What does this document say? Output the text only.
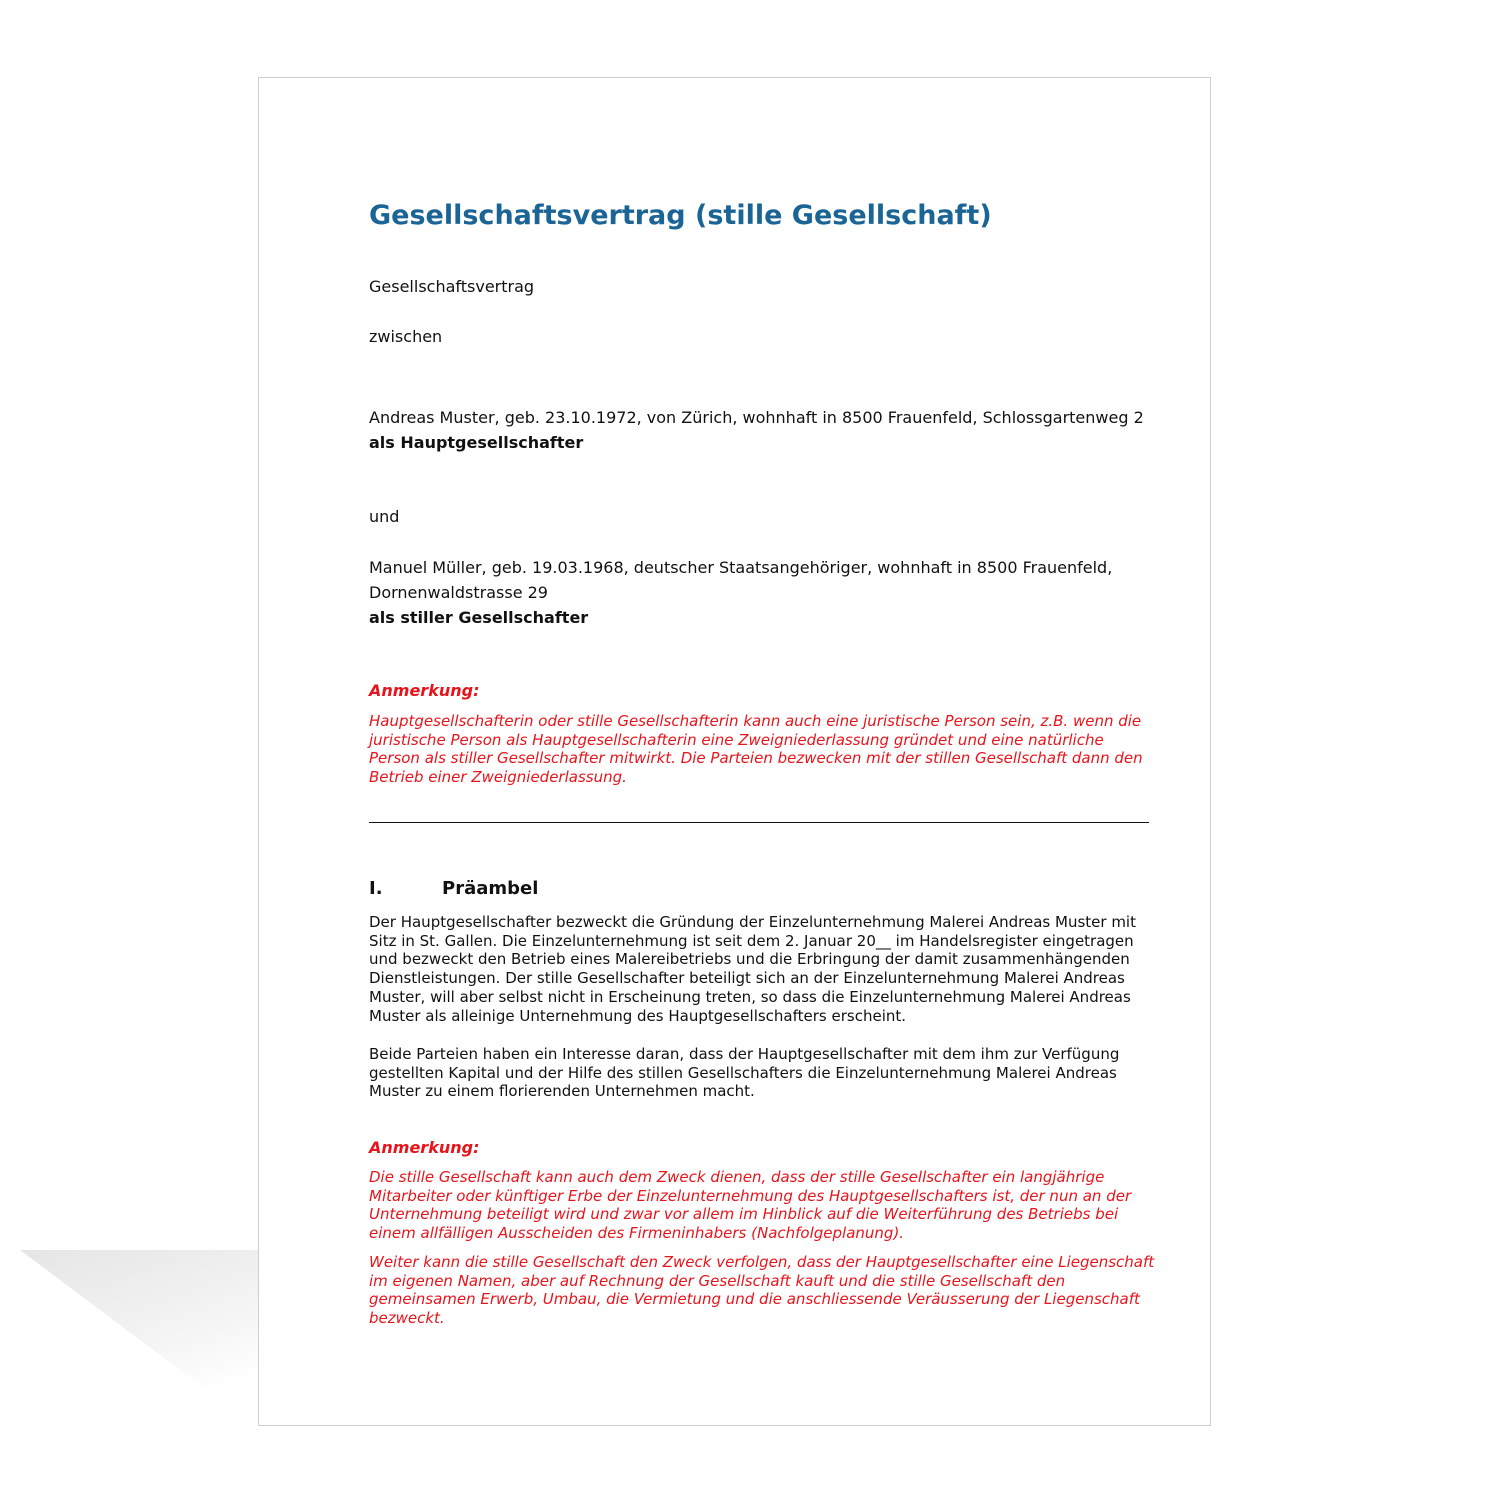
Gesellschaftsvertrag (stille Gesellschaft)
Gesellschaftsvertrag
zwischen
Andreas Muster, geb. 23.10.1972, von Zürich, wohnhaft in 8500 Frauenfeld, Schlossgartenweg 2
als Hauptgesellschafter
und
Manuel Müller, geb. 19.03.1968, deutscher Staatsangehöriger, wohnhaft in 8500 Frauenfeld, Dornenwaldstrasse 29
als stiller Gesellschafter
Anmerkung:

Hauptgesellschafterin oder stille Gesellschafterin kann auch eine juristische Person sein, z.B. wenn die juristische Person als Hauptgesellschafterin eine Zweigniederlassung gründet und eine natürliche Person als stiller Gesellschafter mitwirkt. Die Parteien bezwecken mit der stillen Gesellschaft dann den Betrieb einer Zweigniederlassung.

I.	Präambel

Der Hauptgesellschafter bezweckt die Gründung der Einzelunternehmung Malerei Andreas Muster mit Sitz in St. Gallen. Die Einzelunternehmung ist seit dem 2. Januar 20__ im Handelsregister eingetragen und bezweckt den Betrieb eines Malereibetriebs und die Erbringung der damit zusammenhängenden Dienstleistungen. Der stille Gesellschafter beteiligt sich an der Einzelunternehmung Malerei Andreas Muster, will aber selbst nicht in Erscheinung treten, so dass die Einzelunternehmung Malerei Andreas Muster als alleinige Unternehmung des Hauptgesellschafters erscheint.

Beide Parteien haben ein Interesse daran, dass der Hauptgesellschafter mit dem ihm zur Verfügung gestellten Kapital und der Hilfe des stillen Gesellschafters die Einzelunternehmung Malerei Andreas Muster zu einem florierenden Unternehmen macht.

Anmerkung:

Die stille Gesellschaft kann auch dem Zweck dienen, dass der stille Gesellschafter ein langjährige Mitarbeiter oder künftiger Erbe der Einzelunternehmung des Hauptgesellschafters ist, der nun an der Unternehmung beteiligt wird und zwar vor allem im Hinblick auf die Weiterführung des Betriebs bei einem allfälligen Ausscheiden des Firmeninhabers (Nachfolgeplanung).

Weiter kann die stille Gesellschaft den Zweck verfolgen, dass der Hauptgesellschafter eine Liegenschaft im eigenen Namen, aber auf Rechnung der Gesellschaft kauft und die stille Gesellschaft den gemeinsamen Erwerb, Umbau, die Vermietung und die anschliessende Veräusserung der Liegenschaft bezweckt.
